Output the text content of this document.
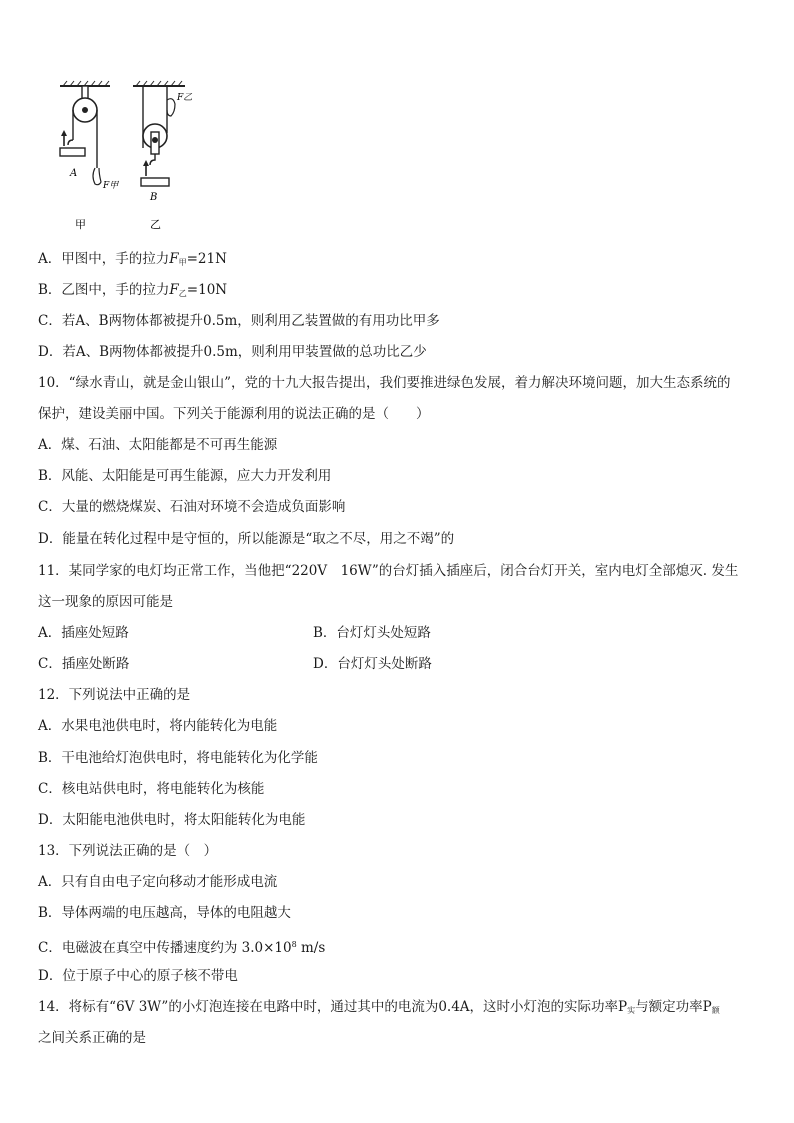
A
F甲
甲
F乙
B
乙
A．甲图中，手的拉力$F_甲=21N$
B．乙图中，手的拉力$F_乙=10N$
C．若A、B两物体都被提升0.5m，则利用乙装置做的有用功比甲多
D．若A、B两物体都被提升0.5m，则利用甲装置做的总功比乙少
10．“绿水青山，就是金山银山”，党的十九大报告提出，我们要推进绿色发展，着力解决环境问题，加大生态系统的
保护，建设美丽中国。下列关于能源利用的说法正确的是（　　）
A．煤、石油、太阳能都是不可再生能源
B．风能、太阳能是可再生能源，应大力开发利用
C．大量的燃烧煤炭、石油对环境不会造成负面影响
D．能量在转化过程中是守恒的，所以能源是“取之不尽，用之不竭”的
11．某同学家的电灯均正常工作，当他把“220V　16W”的台灯插入插座后，闭合台灯开关，室内电灯全部熄灭. 发生
这一现象的原因可能是
A．插座处短路	B．台灯灯头处短路
C．插座处断路	D．台灯灯头处断路
12．下列说法中正确的是
A．水果电池供电时，将内能转化为电能
B．干电池给灯泡供电时，将电能转化为化学能
C．核电站供电时，将电能转化为核能
D．太阳能电池供电时，将太阳能转化为电能
13．下列说法正确的是（　）
A．只有自由电子定向移动才能形成电流
B．导体两端的电压越高，导体的电阻越大
C．电磁波在真空中传播速度约为 $3.0\times 10^8$ m/s
D．位于原子中心的原子核不带电
14．将标有“6V 3W”的小灯泡连接在电路中时，通过其中的电流为0.4A，这时小灯泡的实际功率$P_实$与额定功率$P_额$
之间关系正确的是
